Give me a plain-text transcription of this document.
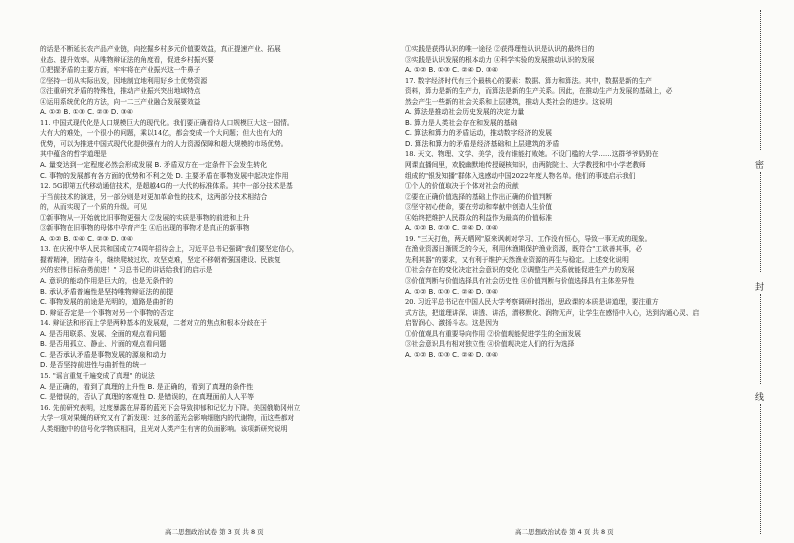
的话是不断延长农产品产业链，向挖掘乡村多元价值要效益，真正提速产业、拓展

业态、提升效率。从唯物辩证法的角度看，促进乡村振兴要

①把握矛盾的主要方面，牢牢将在产业振兴这一牛鼻子

②坚持一切从实际出发，因地制宜地利用好乡土优势资源

③注重研究矛盾的特殊性，推动产业振兴突出地域特点

④运用系统优化的方法，向一二三产业融合发展要效益

A. ①② B. ①③ C. ②③ D. ③④

11. 中国式现代化是人口规模巨大的现代化。我们要正确看待人口规模巨大这一国情。

大有大的难处，一个很小的问题，乘以14亿，都会变成一个大问题；但大也有大的

优势，可以为推进中国式现代化提供强有力的人力资源保障和超大规模的市场优势。

其中蕴含的哲学道理是

A. 量变达到一定程度必然会形成发展 B. 矛盾双方在一定条件下会发生转化

C. 事物的发展都有各方面的优势和不利之处 D. 主要矛盾在事物发展中起决定作用

12. 5G即第五代移动通信技术，是超越4G的一大代的标准体系。其中一部分技术是基

于当前技术的演进，另一部分则是对更加革命性的技术，这两部分技术相结合

的，从而实现了一个质的升级。可见

①新事物从一开始就比旧事物更强大 ②发展的实质是事物的前进和上升

③新事物在旧事物的母体中孕育产生 ④后出现的事物才是真正的新事物

A. ①② B. ①④ C. ②③ D. ③④

13. 在庆祝中华人民共和国成立74周年招待会上，习近平总书记强调"我们要坚定信心，

握着精神，团结奋斗，继续爬坡过坎、攻坚克难，坚定不移朝着强国建设、民族复

兴的宏伟目标奋勇前进！" 习总书记的讲话给我们的启示是

A. 意识的能动作用是巨大的，也是无条件的

B. 承认矛盾普遍性是坚持唯物辩证法的前提

C. 事物发展的前途是光明的，道路是曲折的

D. 辩证否定是一个事物对另一个事物的否定

14. 辩证法和形而上学是两种基本的发展观，二者对立的焦点和根本分歧在于

A. 是否用联系、发展、全面的观点看问题

B. 是否用孤立、静止、片面的观点看问题

C. 是否承认矛盾是事物发展的源泉和动力

D. 是否坚持前进性与曲折性的统一

15. "谣言重复千遍变成了真理" 的说法

A. 是正确的，看到了真理的上升性 B. 是正确的，看到了真理的条件性

C. 是错误的，否认了真理的客观性 D. 是错误的，在真理面前人人平等

16. 先前研究表明，过度暴露在屏幕的蓝光下会导致抑郁和记忆力下降。美国俄勒冈州立

大学一项对果蝇的研究又有了新发现：过多的蓝光会影响细胞内的代谢物，而这些都对

人类细胞中的信号化学物质相同，且光对人类产生有害的负面影响。该项新研究说明

①实践是获得认识的唯一途径 ②获得理性认识是认识的最终目的

③实践是认识发展的根本动力 ④科学实验的发展推动认识的发展

A. ①② B. ①③ C. ②④ D. ③④

17. 数字经济时代有三个最核心的要素：数据、算力和算法。其中，数据是新的生产

资料，算力是新的生产力，而算法是新的生产关系。因此，在推动生产力发展的基础上，必

然会产生一些新的社会关系和上层建筑，推动人类社会的进步。这说明

A. 算法是推动社会历史发展的决定力量

B. 算力是人类社会存在和发展的基础

C. 算法和算力的矛盾运动，推动数字经济的发展

D. 算法和算力的矛盾是经济基础和上层建筑的矛盾

18. 天文、物理、文学、美学，没有谁能打败她。不设门槛的大学……这群爷爷奶奶在

网课直播间里，欢脱幽默地传授硬核知识，由两院院士、大学教授和中小学老教师

组成的"银发知播"群体入选感动中国2022年度人物名单。他们的事迹启示我们

①个人的价值取决于个体对社会的贡献

②要在正确价值选择的基础上作出正确的价值判断

③坚守初心使命，要在劳动和奉献中创造人生价值

④始终把维护人民群众的利益作为最高的价值标准

A. ①② B. ②③ C. ②④ D. ③④

19. "三天打鱼，两天晒网"原来讽刺对学习、工作没有恒心，导致一事无成的现象。

在渔业资源日渐匮乏的今天，利用休渔期保护渔业资源，既符合"工欲善其事，必

先利其器"的要求，又有利于维护天然渔业资源的再生与稳定。上述变化说明

①社会存在的变化决定社会意识的变化 ②调整生产关系就能促进生产力的发展

③价值判断与价值选择具有社会历史性 ④价值判断与价值选择具有主体差异性

A. ①② B. ①③ C. ②④ D. ③④

20. 习近平总书记在中国人民大学考察调研时指出，思政课的本质是讲道理，要注重方

式方法，把道理讲深、讲透、讲活，潜移默化、润物无声，让学生在感悟中入心，达到沟通心灵、启

启智润心、激扬斗志。这是因为

①价值观具有重要导向作用 ②价值观能促进学生的全面发展

③社会意识具有相对独立性 ④价值观决定人们的行为选择

A. ①② B. ①③ C. ②④ D. ③④

高二思想政治试卷 第 3 页 共 8 页	高二思想政治试卷 第 4 页 共 8 页
密
封
线
